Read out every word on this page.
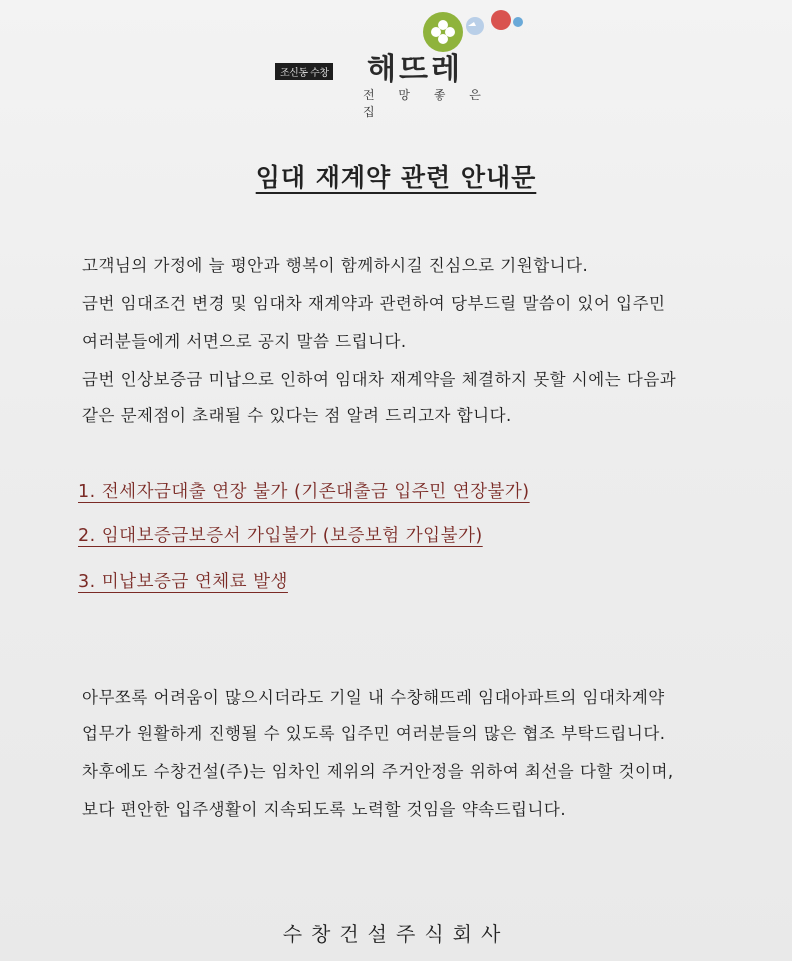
조신동 수창 해뜨레
전 망 좋 은 집
임대 재계약 관련 안내문

고객님의 가정에 늘 평안과 행복이 함께하시길 진심으로 기원합니다.

금번 임대조건 변경 및 임대차 재계약과 관련하여 당부드릴 말씀이 있어 입주민

여러분들에게 서면으로 공지 말씀 드립니다.

금번 인상보증금 미납으로 인하여 임대차 재계약을 체결하지 못할 시에는 다음과

같은 문제점이 초래될 수 있다는 점 알려 드리고자 합니다.

1. 전세자금대출 연장 불가 (기존대출금 입주민 연장불가)

2. 임대보증금보증서 가입불가 (보증보험 가입불가)

3. 미납보증금 연체료 발생

아무쪼록 어려움이 많으시더라도 기일 내 수창해뜨레 임대아파트의 임대차계약

업무가 원활하게 진행될 수 있도록 입주민 여러분들의 많은 협조 부탁드립니다.

차후에도 수창건설(주)는 임차인 제위의 주거안정을 위하여 최선을 다할 것이며,

보다 편안한 입주생활이 지속되도록 노력할 것임을 약속드립니다.

수창건설주식회사
